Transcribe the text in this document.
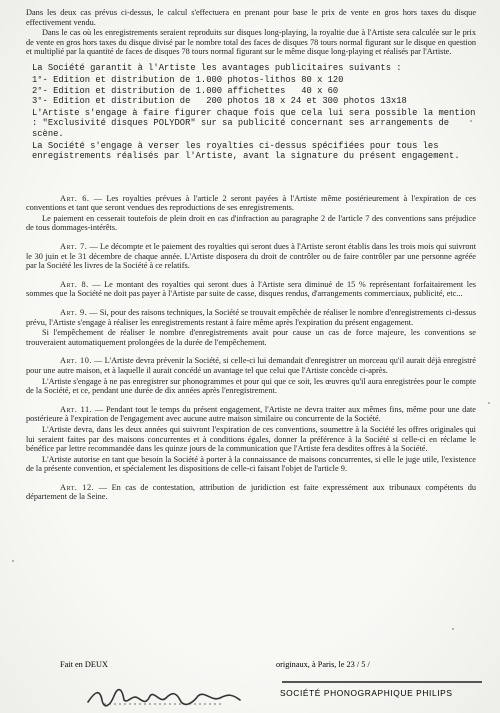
Dans les deux cas prévus ci-dessus, le calcul s'effectuera en prenant pour base le prix de vente en gros hors taxes du disque effectivement vendu.

Dans le cas où les enregistrements seraient reproduits sur disques long-playing, la royaltie due à l'Artiste sera calculée sur le prix de vente en gros hors taxes du disque divisé par le nombre total des faces de disques 78 tours normal figurant sur le disque en question et multiplié par la quantité de faces de disques 78 tours normal figurant sur le même disque long-playing et réalisés par l'Artiste.

La Société garantit à l'Artiste les avantages publicitaires suivants :

1°- Edition et distribution de 1.000 photos-lithos 80 x 120

2°- Edition et distribution de 1.000 affichettes   40 x 60

3°- Edition et distribution de   200 photos 18 x 24 et 300 photos 13x18

L'Artiste s'engage à faire figurer chaque fois que cela lui sera possible la mention : "Exclusivité disques POLYDOR" sur sa publicité concernant ses arrangements de scène.

La Société s'engage à verser les royalties ci-dessus spécifiées pour tous les enregistrements réalisés par l'Artiste, avant la signature du présent engagement.

Art. 6. — Les royalties prévues à l'article 2 seront payées à l'Artiste même postérieurement à l'expiration de ces conventions et tant que seront vendues des reproductions de ses enregistrements.
Le paiement en cesserait toutefois de plein droit en cas d'infraction au paragraphe 2 de l'article 7 des conventions sans préjudice de tous dommages-intérêts.

Art. 7. — Le décompte et le paiement des royalties qui seront dues à l'Artiste seront établis dans les trois mois qui suivront le 30 juin et le 31 décembre de chaque année. L'Artiste disposera du droit de contrôler ou de faire contrôler par une personne agréée par la Société les livres de la Société à ce relatifs.

Art. 8. — Le montant des royalties qui seront dues à l'Artiste sera diminué de 15 % représentant forfaitairement les sommes que la Société ne doit pas payer à l'Artiste par suite de casse, disques rendus, d'arrangements commerciaux, publicité, etc...

Art. 9. — Si, pour des raisons techniques, la Société se trouvait empêchée de réaliser le nombre d'enregistrements ci-dessus prévu, l'Artiste s'engage à réaliser les enregistrements restant à faire même après l'expiration du présent engagement.
Si l'empêchement de réaliser le nombre d'enregistrements avait pour cause un cas de force majeure, les conventions se trouveraient automatiquement prolongées de la durée de l'empêchement.

Art. 10. — L'Artiste devra prévenir la Société, si celle-ci lui demandait d'enregistrer un morceau qu'il aurait déjà enregistré pour une autre maison, et à laquelle il aurait concédé un avantage tel que celui que l'Artiste concède ci-après.
L'Artiste s'engage à ne pas enregistrer sur phonogrammes et pour qui que ce soit, les œuvres qu'il aura enregistrées pour le compte de la Société, et ce, pendant une durée de dix années après l'enregistrement.

Art. 11. — Pendant tout le temps du présent engagement, l'Artiste ne devra traiter aux mêmes fins, même pour une date postérieure à l'expiration de l'engagement avec aucune autre maison similaire ou concurrente de la Société.
L'Artiste devra, dans les deux années qui suivront l'expiration de ces conventions, soumettre à la Société les offres originales qui lui seraient faites par des maisons concurrentes et à conditions égales, donner la préférence à la Société si celle-ci en réclame le bénéfice par lettre recommandée dans les quinze jours de la communication que l'Artiste fera desdites offres à la Société.
L'Artiste autorise en tant que besoin la Société à porter à la connaissance de maisons concurrentes, si elle le juge utile, l'existence de la présente convention, et spécialement les dispositions de celle-ci faisant l'objet de l'article 9.

Art. 12. — En cas de contestation, attribution de juridiction est faite expressément aux tribunaux compétents du département de la Seine.

Fait en DEUX	originaux, à Paris, le 23 / 5 /
SOCIÉTÉ PHONOGRAPHIQUE PHILIPS
